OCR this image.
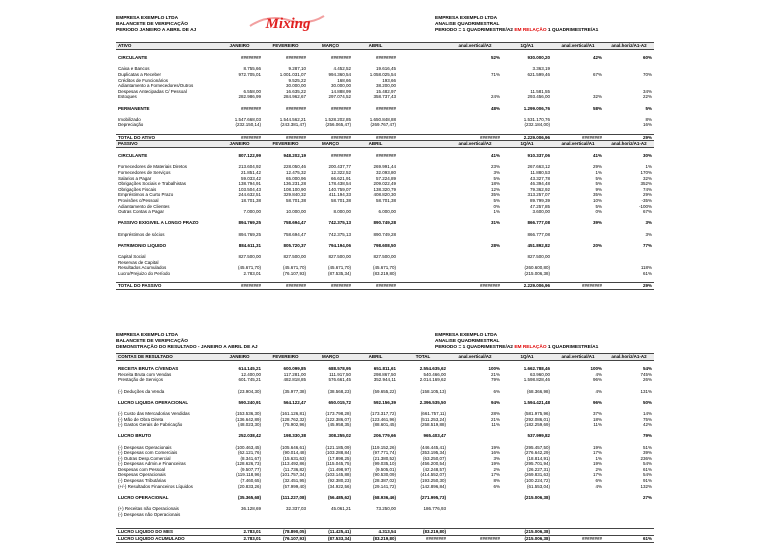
EMPRESA EXEMPLO LTDA
BALANCETE DE VERIFICAÇÃO
PERIODO JANEIRO A ABRIL DE AJ	Mixing	EMPRESA EXEMPLO LTDA
ANALISE QUADRIMESTRAL
PERIODO = 1 QUADRIMESTRE/A2 EM RELAÇÃO 1 QUADRIMESTRE/A1
ATIVO	JANEIRO	FEVEREIRO	MARÇO	ABRIL		anal.vertical/A2	1Q/A1	anal.vertical/A1	anal.horiz/A1-A2

CIRCULANTE	########	########	########	########		52%	930.000,20	42%	60%

Caixa e Bancos	8.755,66	9.287,10	4.452,52	19.616,45			3.363,19		
Duplicatas a Receber	972.705,01	1.001.031,07	994.360,54	1.058.025,54		71%	621.599,46	67%	70%
Créditos de Funcionários		9.525,22	168,66	193,66					
Adiantamento a Fornecedores/Outros		30.000,00	30.000,00	38.200,00					
Despesas Antecipadas C/ Pessoal	6.558,00	16.635,22	14.888,99	15.482,97			11.581,55		34%
Estoques	282.986,99	284.962,67	297.074,52	358.737,43		24%	293.456,00	32%	22%

PERMANENTE	########	########	########	########		48%	1.299.006,76	58%	5%

Imobilizado	1.547.668,03	1.544.562,21	1.528.202,85	1.650.848,88			1.531.170,76		8%
Depreciação	(232.150,14)	(243.381,47)	(256.065,47)	(269.767,47)			(232.184,00)		16%

TOTAL DO ATIVO	########	########	########	########		########	2.229.006,96	########	29%
PASSIVO	JANEIRO	FEVEREIRO	MARÇO	ABRIL		anal.vertical/A2	1Q/A1	anal.vertical/A1	anal.horiz/A1-A2

CIRCULANTE	807.122,99	948.202,19	########	########		41%	910.337,06	41%	30%

Fornecedores de Materiais Diretos	213.604,92	228.050,46	200.437,77	269.991,44		23%	267.663,12	29%	1%
Fornecedores de Serviços	21.851,42	12.475,32	12.322,52	32.093,80		3%	11.880,53	1%	170%
Salarios a Pagar	59.033,42	65.000,96	66.621,91	57.224,89		5%	43.327,78	5%	32%
Obrigações Sociais e Trabalhistas	138.794,91	136.231,28	178.438,54	209.022,49		18%	46.394,48	5%	352%
Obrigações Fiscais	103.504,43	108.100,90	140.759,07	138.320,79		12%	79.362,92	9%	74%
Empréstimos a Curto Prazo	244.632,51	329.840,32	411.194,33	408.820,30		35%	313.257,07	35%	29%
Provisões c/Pessoal	18.701,38	58.701,38	58.701,38	58.701,38		5%	89.799,39	10%	-35%
Adiantamento de Clientes						0%	47.257,85	5%	-100%
Outras Contas a Pagar	7.000,00	10.000,00	8.000,00	6.000,00		1%	3.600,00	0%	67%

PASSIVO EXIGIVEL A LONGO PRAZO	894.769,25	758.694,47	742.375,13	890.749,28		31%	866.777,08	39%	3%

Empréstimos de sócios	894.769,25	758.694,47	742.375,13	890.749,28			866.777,08		3%

PATRIMONIO LIQUIDO	884.611,31	805.720,37	794.194,06	798.608,50		28%	451.892,82	20%	77%

Capital Social	827.500,00	827.500,00	827.500,00	827.500,00			827.500,00		
Reservas de Capital									
Resultados Acumulados	(45.671,70)	(45.671,70)	(45.671,70)	(45.671,70)			(260.600,80)		118%
Lucro/Prejuizo do Período	2.783,01	(76.107,93)	(87.535,34)	(83.219,80)			(215.006,38)		61%

TOTAL DO PASSIVO	########	########	########	########		########	2.229.006,96	########	29%
EMPRESA EXEMPLO LTDA
BALANCETE DE VERIFICAÇÃO
DEMONSTRAÇÃO DO RESULTADO - JANEIRO A ABRIL DE AJ
EMPRESA EXEMPLO LTDA
ANALISE QUADRIMESTRAL
PERIODO = 1 QUADRIMESTRE/A2 EM RELAÇÃO 1 QUADRIMESTRE/A1
CONTAS DE RESULTADO	JANEIRO	FEVEREIRO	MARÇO	ABRIL	TOTAL	anal.vertical/A2	1Q/A1	anal.vertical/A1	anal.horiz/A1-A2

RECEITA BRUTA C/VENDAS	614.145,21	600.099,85	688.578,95	651.811,61	2.554.635,62	100%	1.662.788,46	100%	54%
Receita Bruta com Vendas	12.400,00	117.281,00	111.917,50	298.867,50	540.466,00	21%	63.960,00	4%	745%
Prestação de Serviços	601.745,21	482.818,85	576.661,45	352.944,11	2.014.169,62	79%	1.598.828,46	96%	26%

(-) Deduções da Venda	(23.904,30)	(35.977,38)	(38.568,23)	(59.655,22)	(158.105,13)	6%	(68.366,98)	4%	131%

LUCRO LIQUIDA OPERACIONAL	590.240,91	564.122,47	650.015,72	592.156,39	2.396.535,50	94%	1.594.421,48	96%	50%

(-) Custo das Mercadorias Vendidas	(153.536,30)	(161.126,81)	(173.798,28)	(173.317,72)	(661.757,11)	28%	(581.975,96)	37%	14%
(-) Mão de Obra Direta	(136.642,89)	(128.762,32)	(122.386,07)	(123.461,96)	(511.253,24)	21%	(292.086,01)	18%	75%
(-) Gastos Gerais de Fabricação	(48.023,30)	(75.902,96)	(45.958,35)	(88.601,45)	(258.519,88)	11%	(182.259,69)	11%	42%

LUCRO BRUTO	252.038,42	198.330,38	308.255,02	206.779,66	965.403,47		537.999,82		79%

(-) Despesas Operacionais	(100.463,45)	(105.646,61)	(121.185,09)	(119.152,26)	(446.445,41)	19%	(295.457,50)	19%	51%
(-) Despesas com Comerciais	(62.121,76)	(90.014,48)	(103.288,84)	(97.771,74)	(353.195,34)	16%	(276.642,29)	17%	39%
(-) Outras Desp.Comercial	(8.341,67)	(15.631,63)	(17.898,25)	(21.380,52)	(63.250,07)	3%	(18.814,91)	1%	236%
(-) Despesas Admin.e Financeiras	(128.626,73)	(113.492,86)	(115.045,75)	(99.035,10)	(456.200,54)	19%	(295.701,94)	19%	54%
Despesas com Pessoal	(9.507,77)	(11.736,82)	(11.498,97)	(9.505,01)	(42.248,57)	2%	(26.227,31)	2%	61%
Despesas Operacionais	(119.118,96)	(101.757,34)	(103.145,88)	(90.530,09)	(414.552,07)	17%	(269.831,63)	17%	54%
(-) Despesas Tributárias	(7.460,65)	(32.451,95)	(92.380,23)	(28.387,02)	(193.250,30)	8%	(100.224,72)	6%	91%
(+/-) Resultados Financeiros Líquidos	(20.833,26)	(57.999,40)	(34.922,56)	(29.141,72)	(142.896,84)	6%	(61.553,04)	4%	132%

LUCRO OPERACIONAL	(35.365,68)	(111.227,08)	(56.485,62)	(68.936,46)	(271.995,73)		(215.006,38)		27%

(+) Receitas não Operacionais	36.128,69	32.337,03	45.061,21	73.250,00	186.776,93				
(-) Despesas não Operacionais									

LUCRO LIQUIDO DO MES	2.783,01	(78.890,05)	(11.425,41)	4.313,54	(83.219,80)		(215.006,38)		
LUCRO LIQUIDO ACUMULADO	2.783,01	(76.107,93)	(87.533,34)	(83.219,80)	########	########	(215.006,38)	########	61%
